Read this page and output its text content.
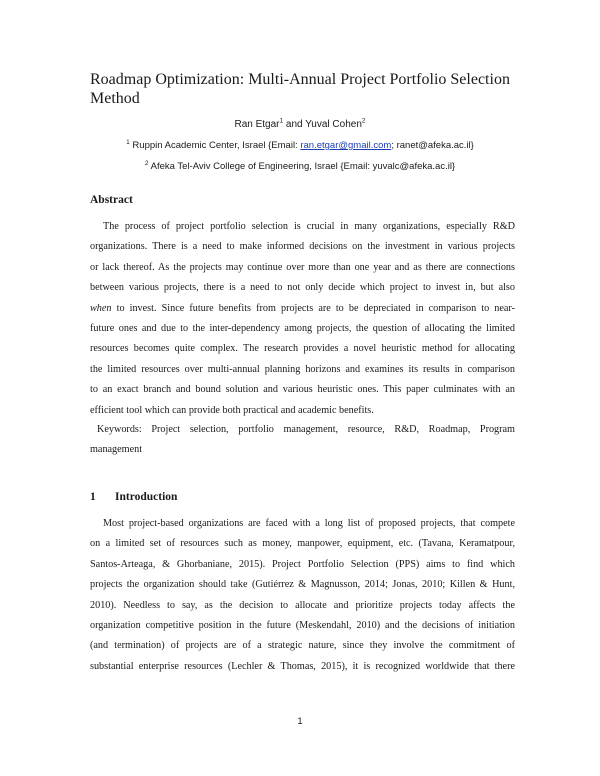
Roadmap Optimization: Multi-Annual Project Portfolio Selection Method
Ran Etgar$^1$ and Yuval Cohen$^2$
$^1$ Ruppin Academic Center, Israel {Email: ran.etgar@gmail.com; ranet@afeka.ac.il}
$^2$ Afeka Tel-Aviv College of Engineering, Israel {Email: yuvalc@afeka.ac.il}
Abstract
The process of project portfolio selection is crucial in many organizations, especially R&D
organizations. There is a need to make informed decisions on the investment in various projects
or lack thereof. As the projects may continue over more than one year and as there are connections
between various projects, there is a need to not only decide which project to invest in, but also
when to invest. Since future benefits from projects are to be depreciated in comparison to near-
future ones and due to the inter-dependency among projects, the question of allocating the limited
resources becomes quite complex. The research provides a novel heuristic method for allocating
the limited resources over multi-annual planning horizons and examines its results in comparison
to an exact branch and bound solution and various heuristic ones. This paper culminates with an
efficient tool which can provide both practical and academic benefits.
Keywords: Project selection, portfolio management, resource, R&D, Roadmap, Program
management
1 Introduction
Most project-based organizations are faced with a long list of proposed projects, that compete
on a limited set of resources such as money, manpower, equipment, etc. (Tavana, Keramatpour,
Santos-Arteaga, & Ghorbaniane, 2015). Project Portfolio Selection (PPS) aims to find which
projects the organization should take (Gutiérrez & Magnusson, 2014; Jonas, 2010; Killen & Hunt,
2010). Needless to say, as the decision to allocate and prioritize projects today affects the
organization competitive position in the future (Meskendahl, 2010) and the decisions of initiation
(and termination) of projects are of a strategic nature, since they involve the commitment of
substantial enterprise resources (Lechler & Thomas, 2015), it is recognized worldwide that there
1
